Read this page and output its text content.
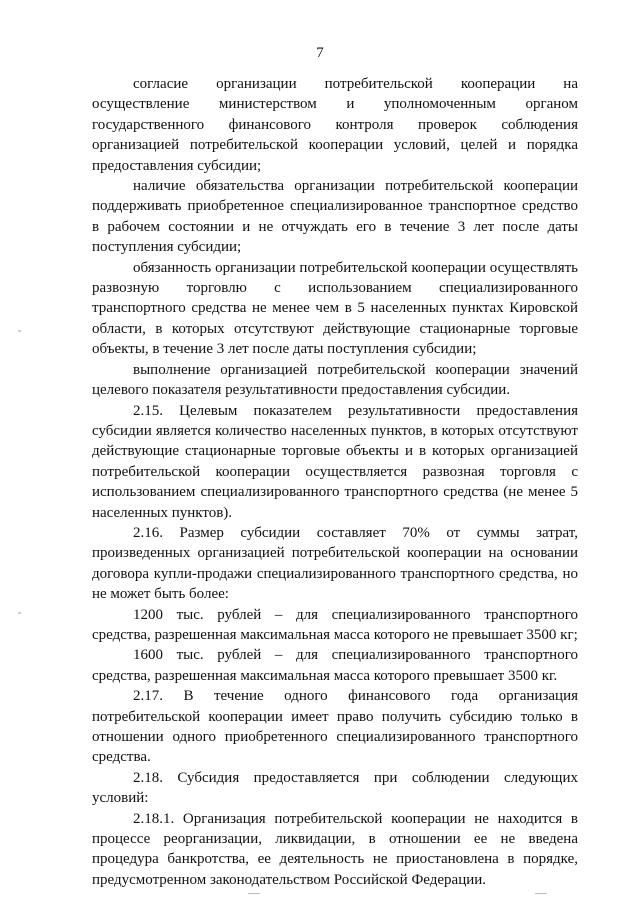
7

согласие организации потребительской кооперации на осуществление министерством и уполномоченным органом государственного финансового контроля проверок соблюдения организацией потребительской кооперации условий, целей и порядка предоставления субсидии;

наличие обязательства организации потребительской кооперации поддерживать приобретенное специализированное транспортное средство в рабочем состоянии и не отчуждать его в течение 3 лет после даты поступления субсидии;

обязанность организации потребительской кооперации осуществлять развозную торговлю с использованием специализированного транспортного средства не менее чем в 5 населенных пунктах Кировской области, в которых отсутствуют действующие стационарные торговые объекты, в течение 3 лет после даты поступления субсидии;

выполнение организацией потребительской кооперации значений целевого показателя результативности предоставления субсидии.

2.15. Целевым показателем результативности предоставления субсидии является количество населенных пунктов, в которых отсутствуют действующие стационарные торговые объекты и в которых организацией потребительской кооперации осуществляется развозная торговля с использованием специализированного транспортного средства (не менее 5 населенных пунктов).

2.16. Размер субсидии составляет 70% от суммы затрат, произведенных организацией потребительской кооперации на основании договора купли-продажи специализированного транспортного средства, но не может быть более:

1200 тыс. рублей – для специализированного транспортного средства, разрешенная максимальная масса которого не превышает 3500 кг;

1600 тыс. рублей – для специализированного транспортного средства, разрешенная максимальная масса которого превышает 3500 кг.

2.17. В течение одного финансового года организация потребительской кооперации имеет право получить субсидию только в отношении одного приобретенного специализированного транспортного средства.

2.18. Субсидия предоставляется при соблюдении следующих условий:

2.18.1. Организация потребительской кооперации не находится в процессе реорганизации, ликвидации, в отношении ее не введена процедура банкротства, ее деятельность не приостановлена в порядке, предусмотренном законодательством Российской Федерации.
